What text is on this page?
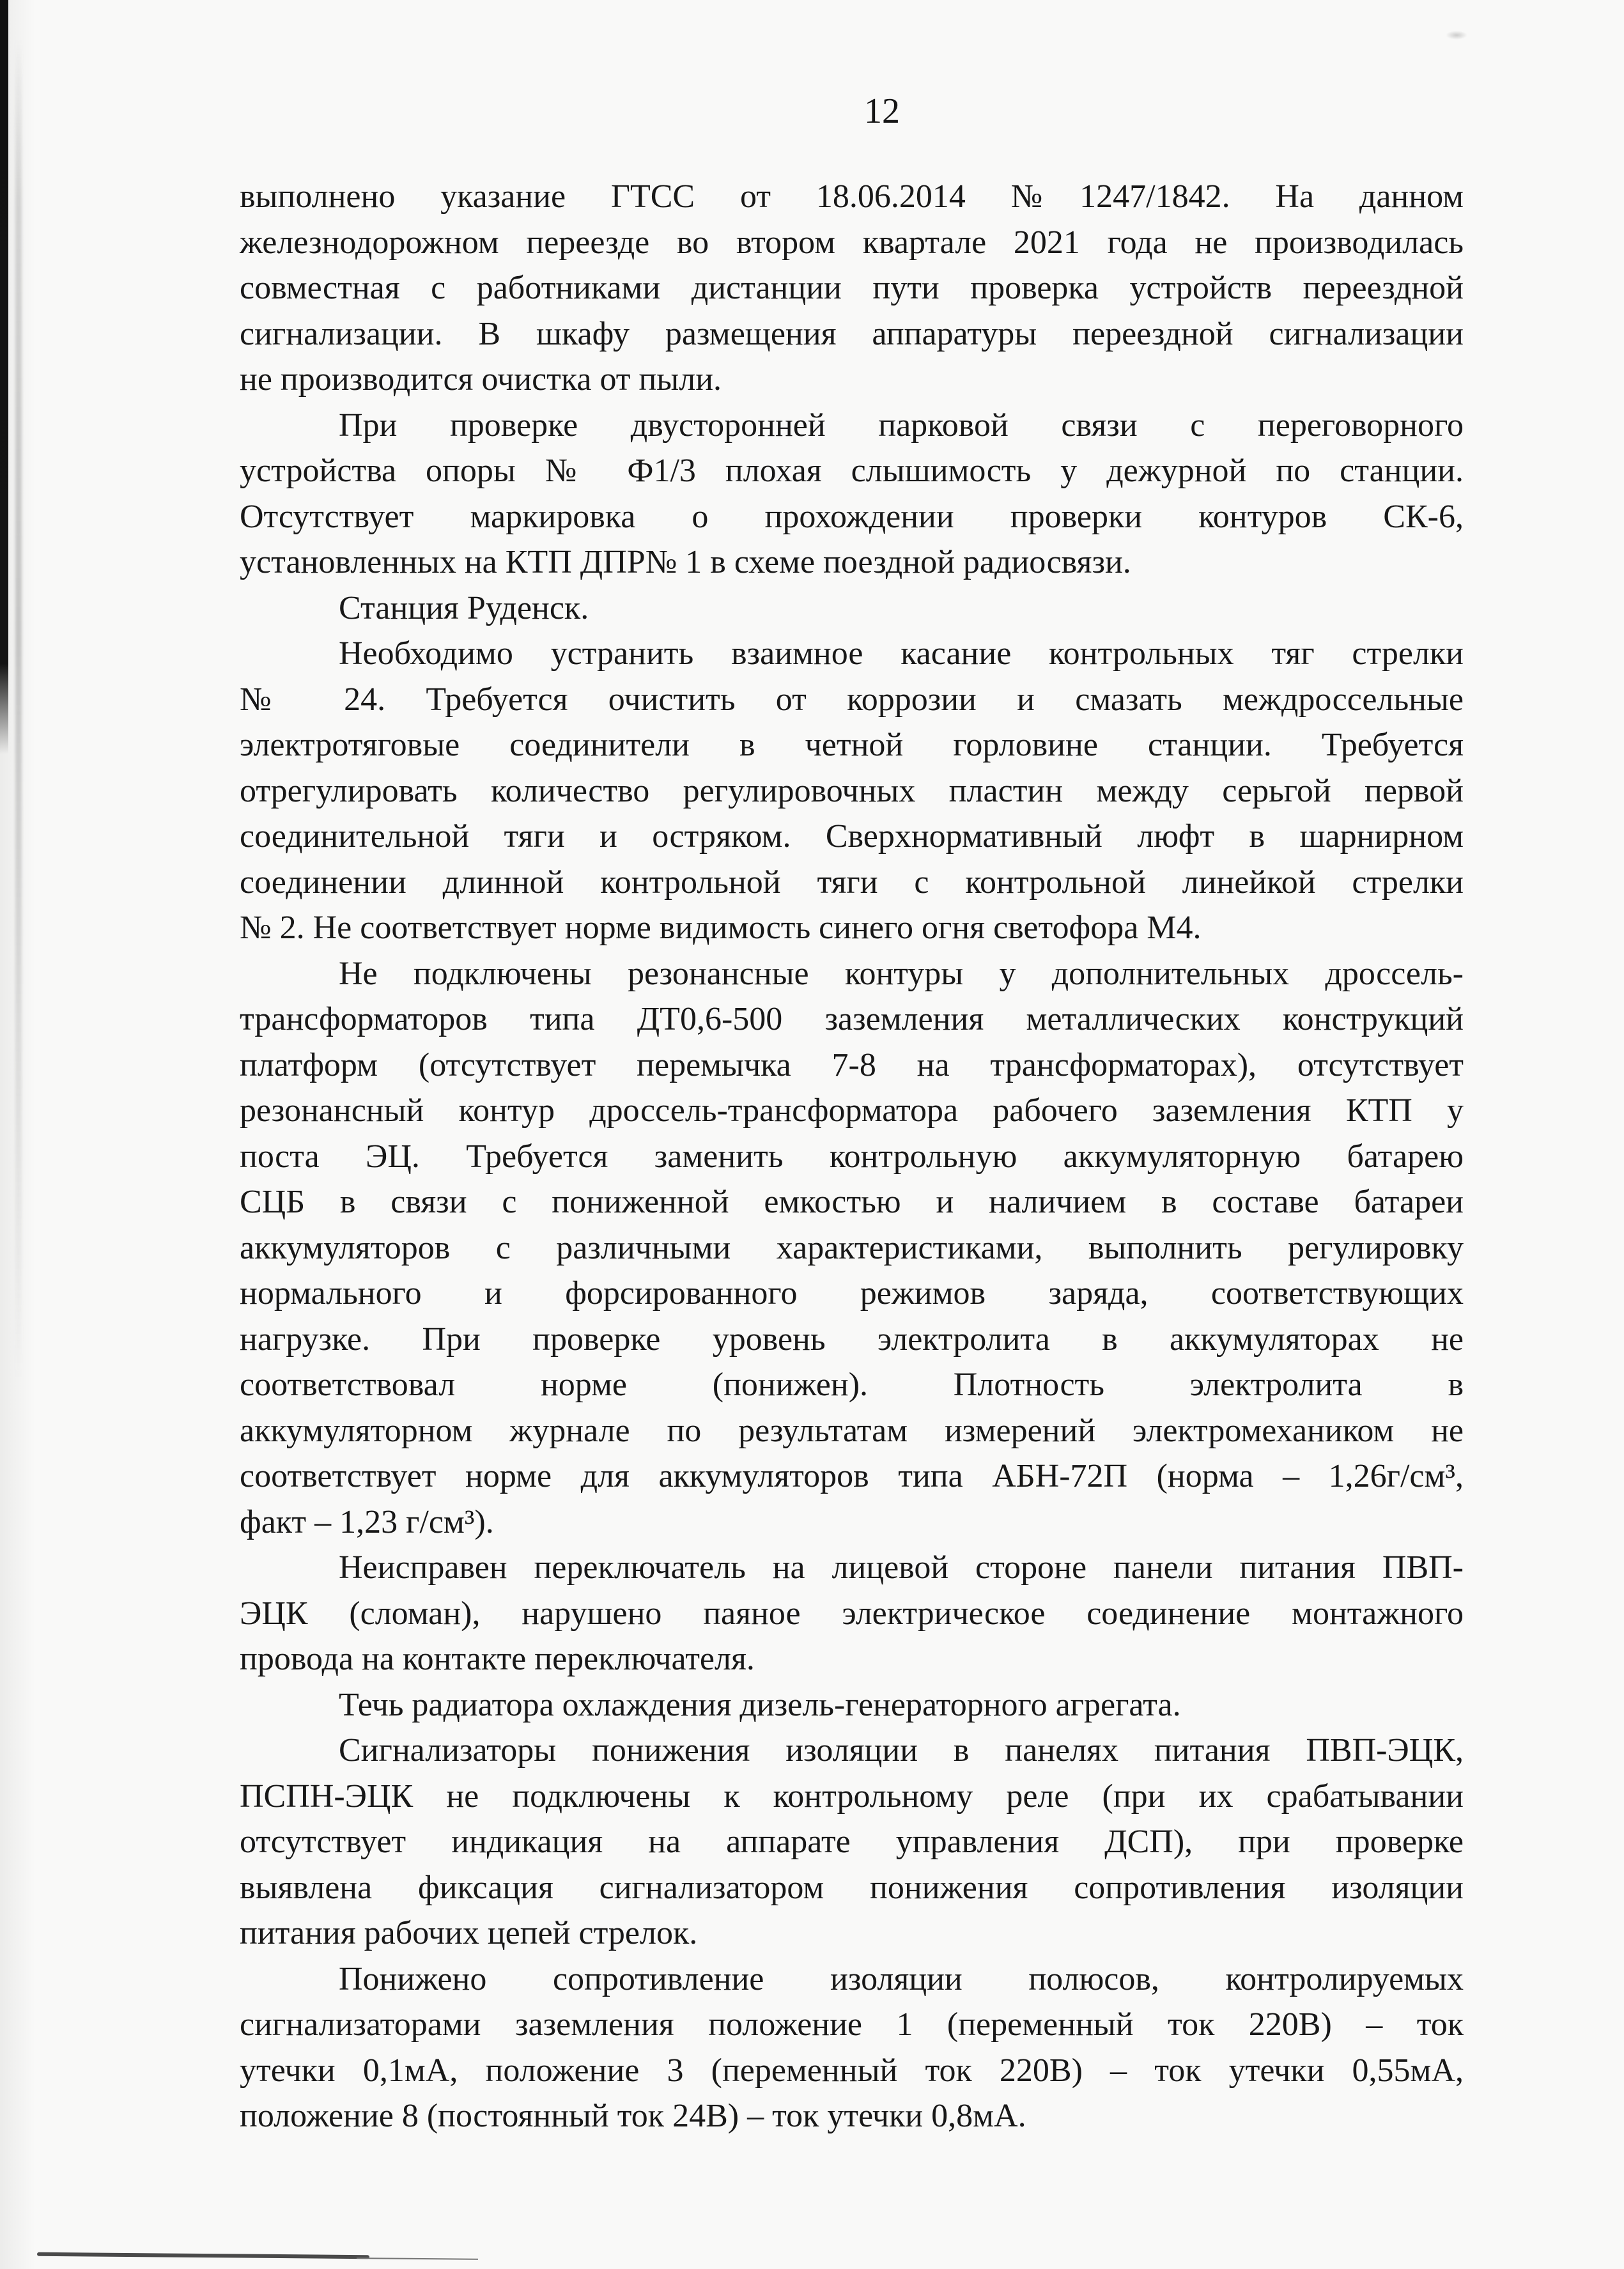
12
выполнено указание ГТСС от 18.06.2014 №1247/1842. На данном
железнодорожном переезде во втором квартале 2021 года не производилась
совместная с работниками дистанции пути проверка устройств переездной
сигнализации. В шкафу размещения аппаратуры переездной сигнализации
не производится очистка от пыли.
При проверке двусторонней парковой связи с переговорного
устройства опоры № Ф1/3 плохая слышимость у дежурной по станции.
Отсутствует маркировка о прохождении проверки контуров СК-6,
установленных на КТП ДПР№ 1 в схеме поездной радиосвязи.
Станция Руденск.
Необходимо устранить взаимное касание контрольных тяг стрелки
№ 24. Требуется очистить от коррозии и смазать междроссельные
электротяговые соединители в четной горловине станции. Требуется
отрегулировать количество регулировочных пластин между серьгой первой
соединительной тяги и остряком. Сверхнормативный люфт в шарнирном
соединении длинной контрольной тяги с контрольной линейкой стрелки
№ 2. Не соответствует норме видимость синего огня светофора М4.
Не подключены резонансные контуры у дополнительных дроссель-
трансформаторов типа ДТ0,6-500 заземления металлических конструкций
платформ (отсутствует перемычка 7-8 на трансформаторах), отсутствует
резонансный контур дроссель-трансформатора рабочего заземления КТП у
поста ЭЦ. Требуется заменить контрольную аккумуляторную батарею
СЦБ в связи с пониженной емкостью и наличием в составе батареи
аккумуляторов с различными характеристиками, выполнить регулировку
нормального и форсированного режимов заряда, соответствующих
нагрузке. При проверке уровень электролита в аккумуляторах не
соответствовал норме (понижен). Плотность электролита в
аккумуляторном журнале по результатам измерений электромехаником не
соответствует норме для аккумуляторов типа АБН-72П (норма – 1,26г/см³,
факт – 1,23 г/см³).
Неисправен переключатель на лицевой стороне панели питания ПВП-
ЭЦК (сломан), нарушено паяное электрическое соединение монтажного
провода на контакте переключателя.
Течь радиатора охлаждения дизель-генераторного агрегата.
Сигнализаторы понижения изоляции в панелях питания ПВП-ЭЦК,
ПСПН-ЭЦК не подключены к контрольному реле (при их срабатывании
отсутствует индикация на аппарате управления ДСП), при проверке
выявлена фиксация сигнализатором понижения сопротивления изоляции
питания рабочих цепей стрелок.
Понижено сопротивление изоляции полюсов, контролируемых
сигнализаторами заземления положение 1 (переменный ток 220В) – ток
утечки 0,1мА, положение 3 (переменный ток 220В) – ток утечки 0,55мА,
положение 8 (постоянный ток 24В) – ток утечки 0,8мА.
